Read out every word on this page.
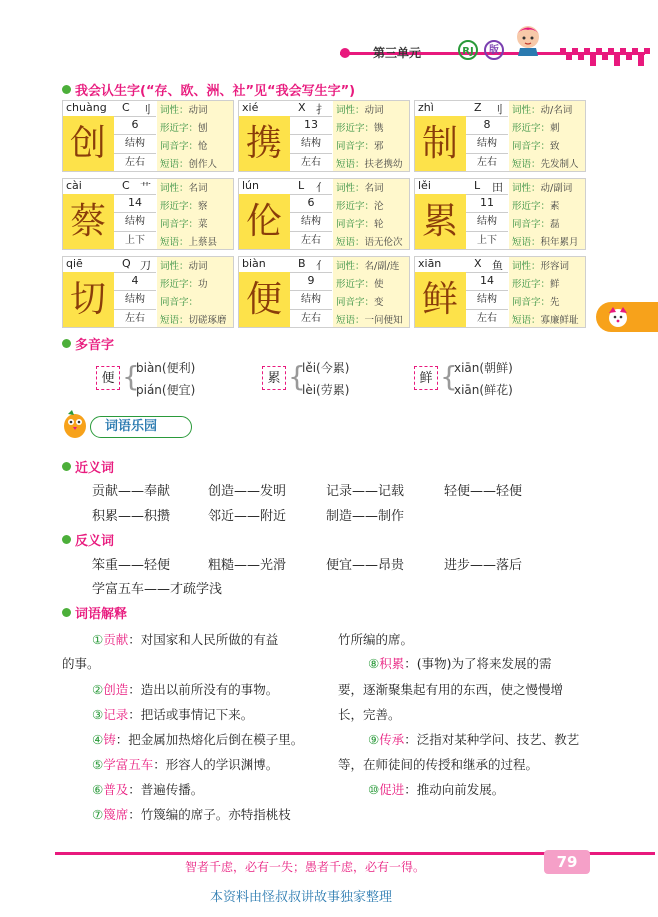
第三单元	RJ	版
我会认生字(“存、欧、洲、社”见“我会写生字”)
chuàng C 刂
创	6
结构
左右
词性：动词
形近字：刨
同音字：怆
短语：创作人
xié	X 扌
携	13
结构
左右
词性：动词
形近字：镌
同音字：邪
短语：扶老携幼
zhì	Z 刂
制	8
结构
左右
词性：动/名词
形近字：刺
同音字：致
短语：先发制人
cài	C 艹
蔡	14
结构
上下
词性：名词
形近字：察
同音字：菜
短语：上蔡县
lún	L 亻
伦	6
结构
左右
词性：名词
形近字：沦
同音字：轮
短语：语无伦次
lěi	L 田
累	11
结构
上下
词性：动/副词
形近字：素
同音字：磊
短语：积年累月
qiē	Q 刀
切	4
结构
左右
词性：动词
形近字：功
同音字：
短语：切磋琢磨
biàn	B 亻
便	9
结构
左右
词性：名/副/连
形近字：使
同音字：变
短语：一问便知
xiān	X 鱼
鲜	14
结构
左右
词性：形容词
形近字：鲜
同音字：先
短语：寡廉鲜耻
多音字
便 {
biàn(便利)
pián(便宜)
累 {
lěi(今累)
lèi(劳累)
鲜 {
xiān(朝鲜)
xiān(鲜花)
词语乐园
近义词
贡献——奉献	创造——发明	记录——记载	轻便——轻便
积累——积攒	邻近——附近	制造——制作
反义词
笨重——轻便	粗糙——光滑	便宜——昂贵	进步——落后
学富五车——才疏学浅
词语解释
①贡献：对国家和人民所做的有益
的事。
②创造：造出以前所没有的事物。
③记录：把话或事情记下来。
④铸：把金属加热熔化后倒在模子里。
⑤学富五车：形容人的学识渊博。
⑥普及：普遍传播。
⑦篾席：竹篾编的席子。亦特指桃枝
竹所编的席。
⑧积累：(事物)为了将来发展的需
要，逐渐聚集起有用的东西，使之慢慢增
长，完善。
⑨传承：泛指对某种学问、技艺、教艺
等，在师徒间的传授和继承的过程。
⑩促进：推动向前发展。
智者千虑，必有一失；愚者千虑，必有一得。	79
本资料由怪叔叔讲故事独家整理
